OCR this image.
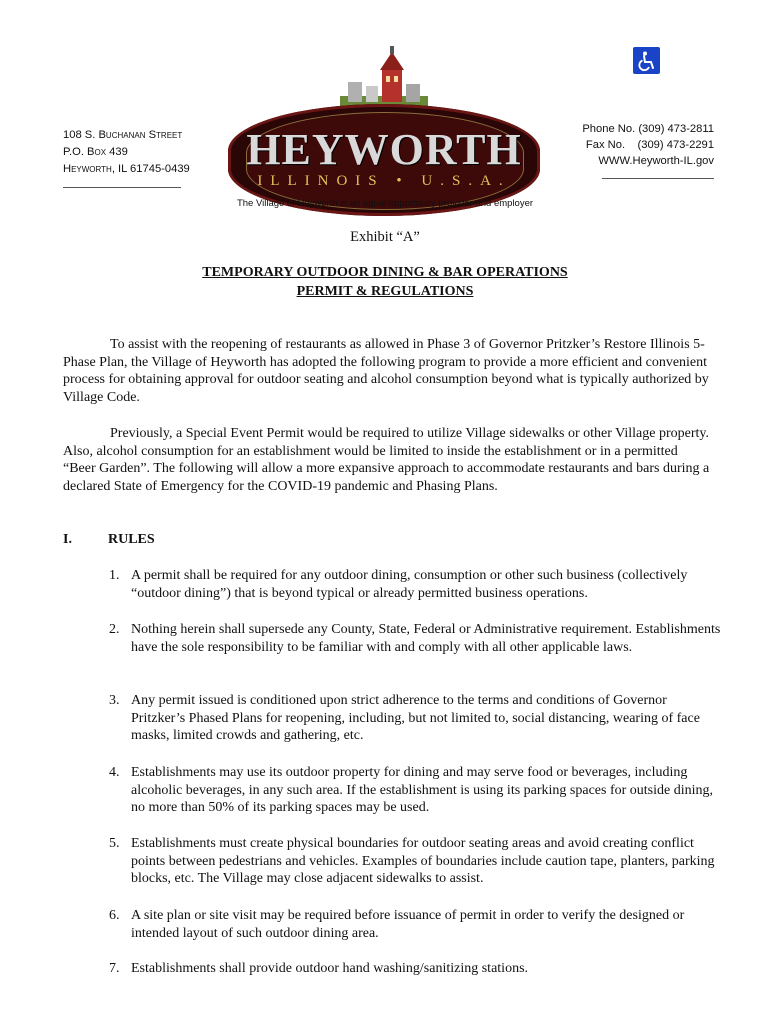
108 S. Buchanan Street
P.O. Box 439
Heyworth, IL 61745-0439	HEYWORTH
ILLINOIS • U.S.A.
Phone No. (309) 473-2811
Fax No.    (309) 473-2291
WWW.Heyworth-IL.gov
The Village of Heyworth is an equal opportunity provider and employer
Exhibit “A”
TEMPORARY OUTDOOR DINING & BAR OPERATIONS
PERMIT & REGULATIONS
To assist with the reopening of restaurants as allowed in Phase 3 of Governor Pritzker’s Restore Illinois 5-Phase Plan, the Village of Heyworth has adopted the following program to provide a more efficient and convenient process for obtaining approval for outdoor seating and alcohol consumption beyond what is typically authorized by Village Code.
Previously, a Special Event Permit would be required to utilize Village sidewalks or other Village property. Also, alcohol consumption for an establishment would be limited to inside the establishment or in a permitted “Beer Garden”. The following will allow a more expansive approach to accommodate restaurants and bars during a declared State of Emergency for the COVID-19 pandemic and Phasing Plans.
I.	RULES
1. A permit shall be required for any outdoor dining, consumption or other such business (collectively “outdoor dining”) that is beyond typical or already permitted business operations.
2. Nothing herein shall supersede any County, State, Federal or Administrative requirement. Establishments have the sole responsibility to be familiar with and comply with all other applicable laws.
3. Any permit issued is conditioned upon strict adherence to the terms and conditions of Governor Pritzker’s Phased Plans for reopening, including, but not limited to, social distancing, wearing of face masks, limited crowds and gathering, etc.
4. Establishments may use its outdoor property for dining and may serve food or beverages, including alcoholic beverages, in any such area. If the establishment is using its parking spaces for outside dining, no more than 50% of its parking spaces may be used.
5. Establishments must create physical boundaries for outdoor seating areas and avoid creating conflict points between pedestrians and vehicles. Examples of boundaries include caution tape, planters, parking blocks, etc. The Village may close adjacent sidewalks to assist.
6. A site plan or site visit may be required before issuance of permit in order to verify the designed or intended layout of such outdoor dining area.
7. Establishments shall provide outdoor hand washing/sanitizing stations.
